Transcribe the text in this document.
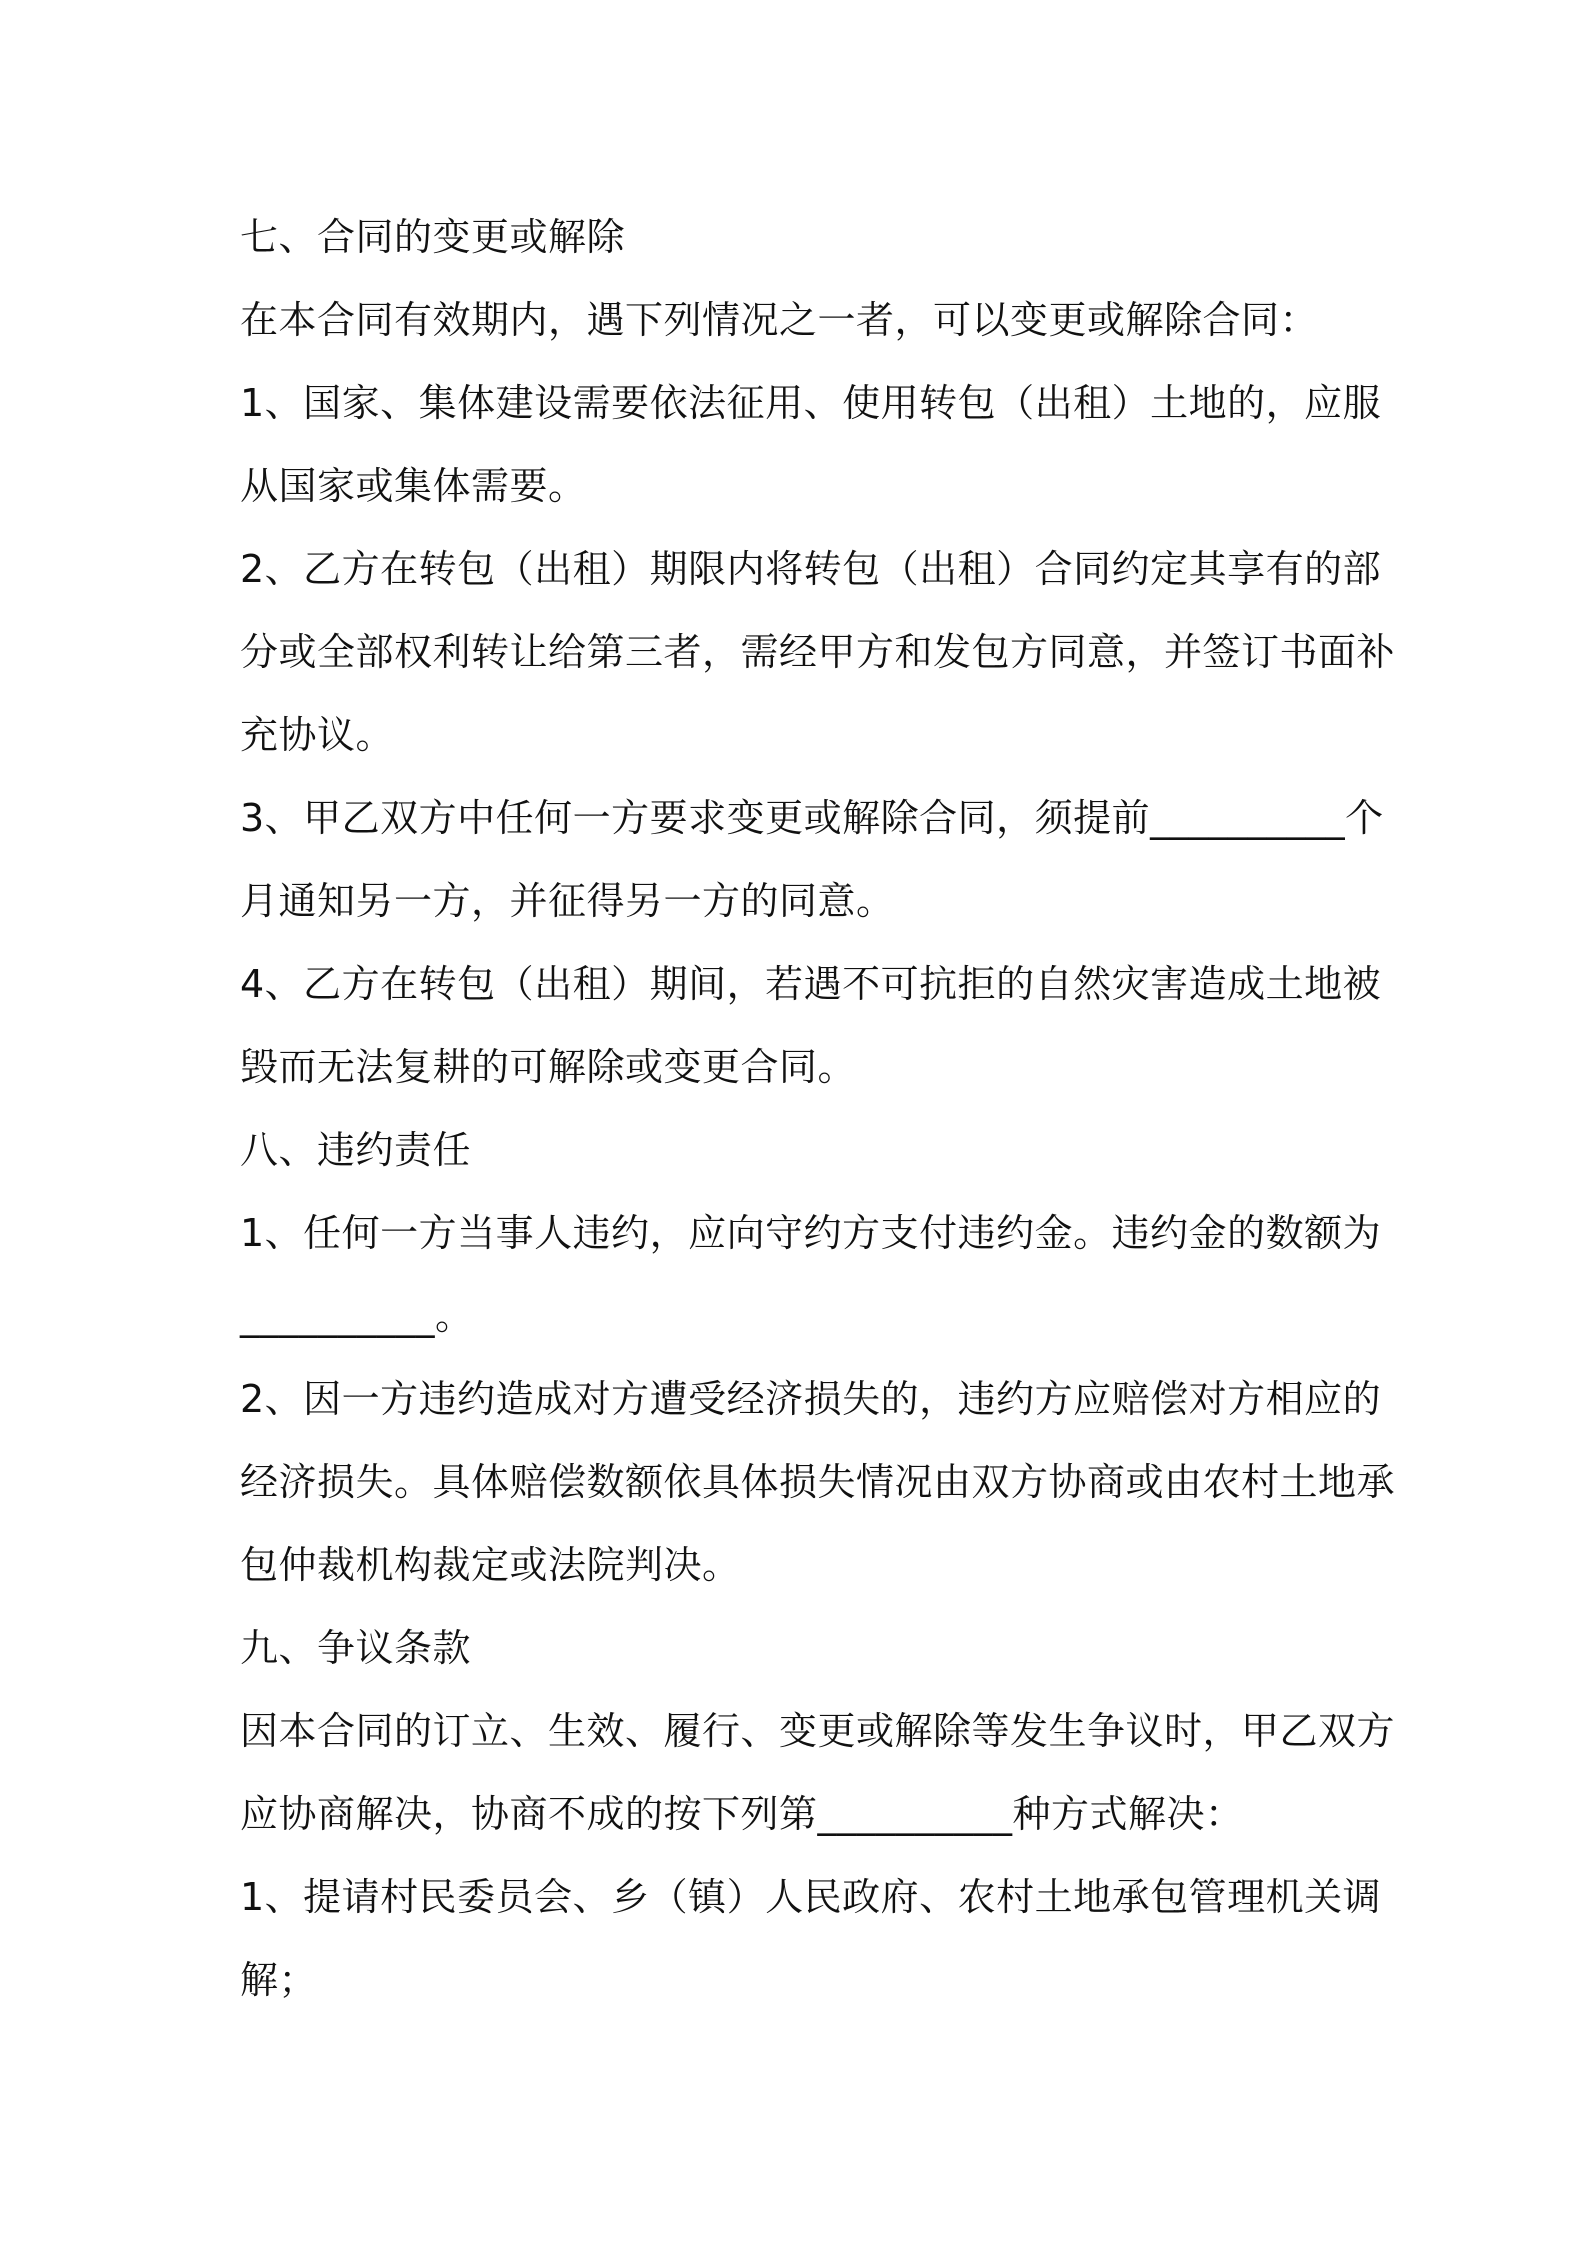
七、合同的变更或解除
在本合同有效期内，遇下列情况之一者，可以变更或解除合同：
1、国家、集体建设需要依法征用、使用转包（出租）土地的，应服
从国家或集体需要。
2、乙方在转包（出租）期限内将转包（出租）合同约定其享有的部
分或全部权利转让给第三者，需经甲方和发包方同意，并签订书面补
充协议。
3、甲乙双方中任何一方要求变更或解除合同，须提前__________个
月通知另一方，并征得另一方的同意。
4、乙方在转包（出租）期间，若遇不可抗拒的自然灾害造成土地被
毁而无法复耕的可解除或变更合同。
八、违约责任
1、任何一方当事人违约，应向守约方支付违约金。违约金的数额为
__________。
2、因一方违约造成对方遭受经济损失的，违约方应赔偿对方相应的
经济损失。具体赔偿数额依具体损失情况由双方协商或由农村土地承
包仲裁机构裁定或法院判决。
九、争议条款
因本合同的订立、生效、履行、变更或解除等发生争议时，甲乙双方
应协商解决，协商不成的按下列第__________种方式解决：
1、提请村民委员会、乡（镇）人民政府、农村土地承包管理机关调
解；
